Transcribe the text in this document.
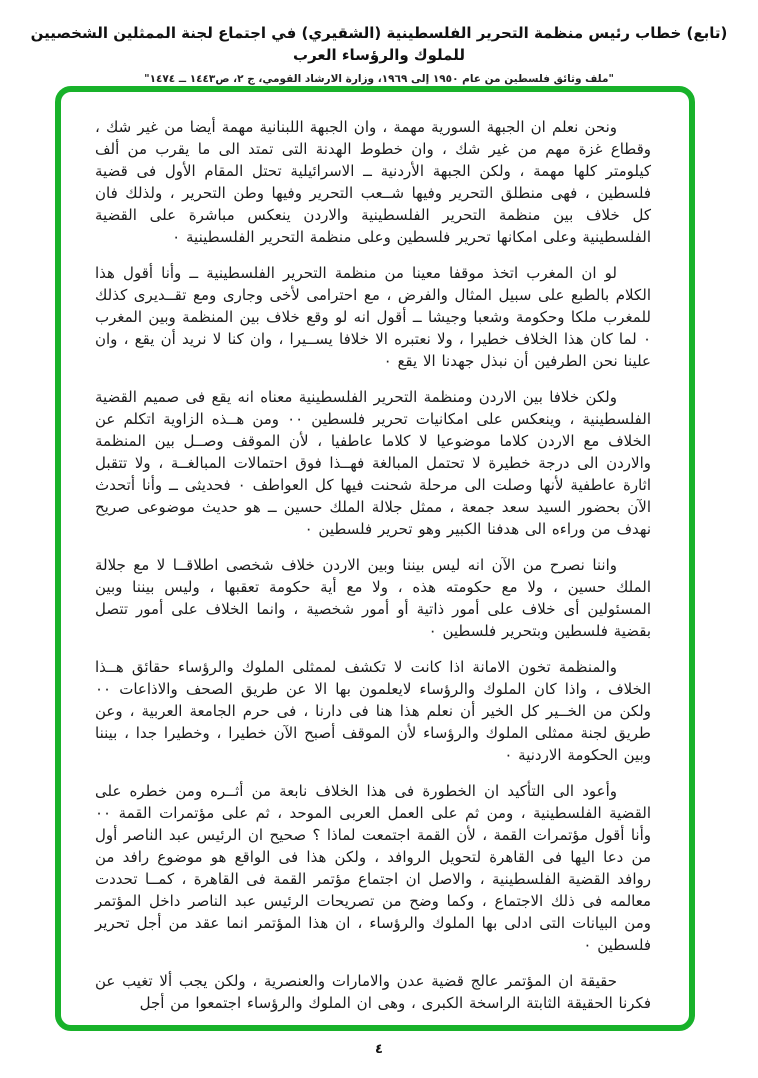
(تابع) خطاب رئيس منظمة التحرير الفلسطينية (الشقيري) في اجتماع لجنة الممثلين الشخصيين للملوك والرؤساء العرب
"ملف وثائق فلسطين من عام ١٩٥٠ إلى ١٩٦٩، وزارة الارشاد القومي، ج ٢، ص١٤٤٣ ــ ١٤٧٤"

ونحن نعلم ان الجبهة السورية مهمة ، وان الجبهة اللبنانية مهمة أيضا من غير شك ، وقطاع غزة مهم من غير شك ، وان خطوط الهدنة التى تمتد الى ما يقرب من ألف كيلومتر كلها مهمة ، ولكن الجبهة الأردنية ــ الاسرائيلية تحتل المقام الأول فى قضية فلسطين ، فهى منطلق التحرير وفيها شــعب التحرير وفيها وطن التحرير ، ولذلك فان كل خلاف بين منظمة التحرير الفلسطينية والاردن ينعكس مباشرة على القضية الفلسطينية وعلى امكانها تحرير فلسطين وعلى منظمة التحرير الفلسطينية ٠

لو ان المغرب اتخذ موقفا معينا من منظمة التحرير الفلسطينية ــ وأنا أقول هذا الكلام بالطبع على سبيل المثال والفرض ، مع احترامى لأخى وجارى ومع تقــديرى كذلك للمغرب ملكا وحكومة وشعبا وجيشا ــ أقول انه لو وقع خلاف بين المنظمة وبين المغرب ٠ لما كان هذا الخلاف خطيرا ، ولا نعتبره الا خلافا يســيرا ، وان كنا لا نريد أن يقع ، وان علينا نحن الطرفين أن نبذل جهدنا الا يقع ٠

ولكن خلافا بين الاردن ومنظمة التحرير الفلسطينية معناه انه يقع فى صميم القضية الفلسطينية ، وينعكس على امكانيات تحرير فلسطين ٠٠ ومن هــذه الزاوية اتكلم عن الخلاف مع الاردن كلاما موضوعيا لا كلاما عاطفيا ، لأن الموقف وصــل بين المنظمة والاردن الى درجة خطيرة لا تحتمل المبالغة فهــذا فوق احتمالات المبالغــة ، ولا تتقبل اثارة عاطفية لأنها وصلت الى مرحلة شحنت فيها كل العواطف ٠ فحديثى ــ وأنا أتحدث الآن بحضور السيد سعد جمعة ، ممثل جلالة الملك حسين ــ هو حديث موضوعى صريح نهدف من وراءه الى هدفنا الكبير وهو تحرير فلسطين ٠

واننا نصرح من الآن انه ليس بيننا وبين الاردن خلاف شخصى اطلاقــا لا مع جلالة الملك حسين ، ولا مع حكومته هذه ، ولا مع أية حكومة تعقبها ، وليس بيننا وبين المسئولين أى خلاف على أمور ذاتية أو أمور شخصية ، وانما الخلاف على أمور تتصل بقضية فلسطين وبتحرير فلسطين ٠

والمنظمة تخون الامانة اذا كانت لا تكشف لممثلى الملوك والرؤساء حقائق هــذا الخلاف ، واذا كان الملوك والرؤساء لايعلمون بها الا عن طريق الصحف والاذاعات ٠٠ ولكن من الخــير كل الخير أن نعلم هذا هنا فى دارنا ، فى حرم الجامعة العربية ، وعن طريق لجنة ممثلى الملوك والرؤساء لأن الموقف أصبح الآن خطيرا ، وخطيرا جدا ، بيننا وبين الحكومة الاردنية ٠

وأعود الى التأكيد ان الخطورة فى هذا الخلاف نابعة من أثــره ومن خطره على القضية الفلسطينية ، ومن ثم على العمل العربى الموحد ، ثم على مؤتمرات القمة ٠٠ وأنا أقول مؤتمرات القمة ، لأن القمة اجتمعت لماذا ؟ صحيح ان الرئيس عبد الناصر أول من دعا اليها فى القاهرة لتحويل الروافد ، ولكن هذا فى الواقع هو موضوع رافد من روافد القضية الفلسطينية ، والاصل ان اجتماع مؤتمر القمة فى القاهرة ، كمــا تحددت معالمه فى ذلك الاجتماع ، وكما وضح من تصريحات الرئيس عبد الناصر داخل المؤتمر ومن البيانات التى ادلى بها الملوك والرؤساء ، ان هذا المؤتمر انما عقد من أجل تحرير فلسطين ٠

حقيقة ان المؤتمر عالج قضية عدن والامارات والعنصرية ، ولكن يجب ألا تغيب عن فكرنا الحقيقة الثابتة الراسخة الكبرى ، وهى ان الملوك والرؤساء اجتمعوا من أجل

٤
